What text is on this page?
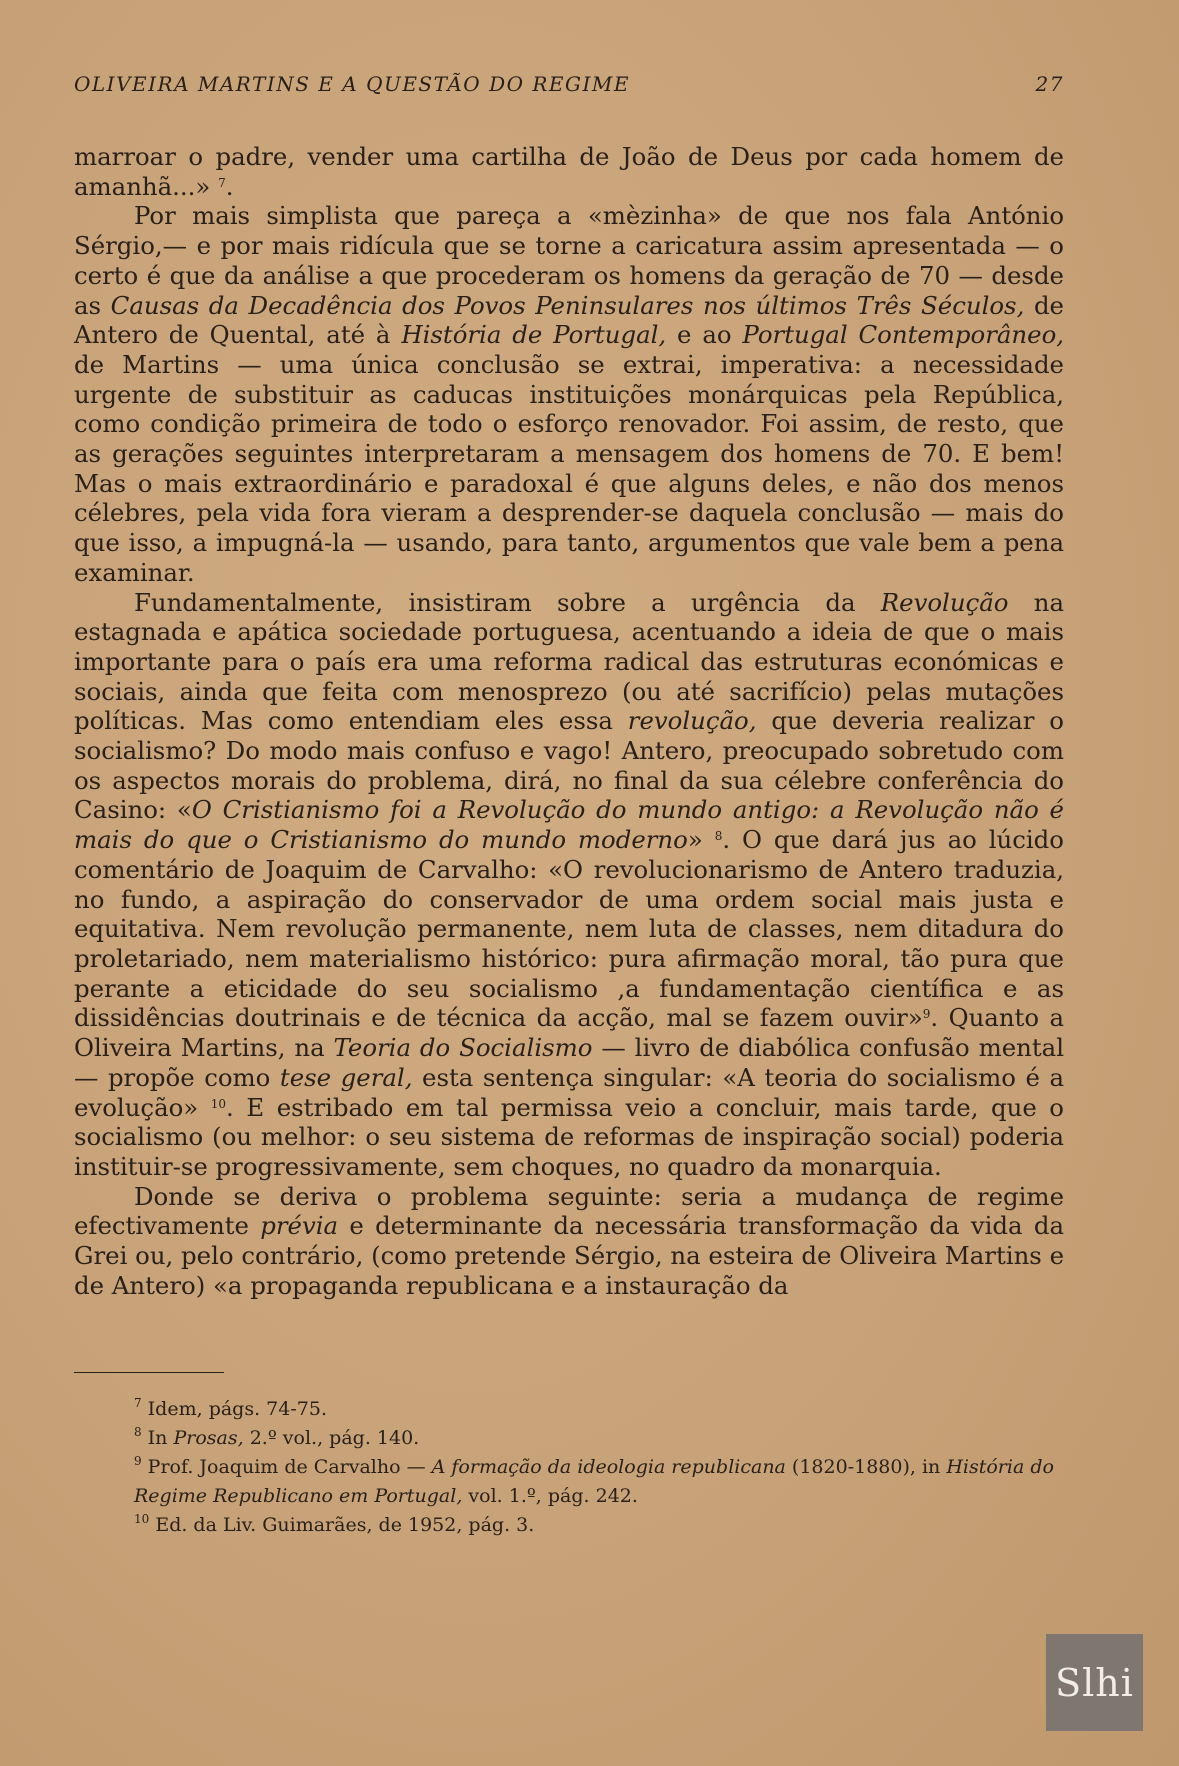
OLIVEIRA MARTINS E A QUESTÃO DO REGIME	27

marroar o padre, vender uma cartilha de João de Deus por cada homem de amanhã...» $^7$.

Por mais simplista que pareça a «mèzinha» de que nos fala António Sérgio,— e por mais ridícula que se torne a caricatura assim apresentada — o certo é que da análise a que procederam os homens da geração de 70 — desde as Causas da Decadência dos Povos Peninsulares nos últimos Três Séculos, de Antero de Quental, até à História de Portugal, e ao Portugal Contemporâneo, de Martins — uma única conclusão se extrai, imperativa: a necessidade urgente de substituir as caducas instituições monárquicas pela República, como condição primeira de todo o esforço renovador. Foi assim, de resto, que as gerações seguintes interpretaram a mensagem dos homens de 70. E bem! Mas o mais extraordinário e paradoxal é que alguns deles, e não dos menos célebres, pela vida fora vieram a desprender-se daquela conclusão — mais do que isso, a impugná-la — usando, para tanto, argumentos que vale bem a pena examinar.

Fundamentalmente, insistiram sobre a urgência da Revolução na estagnada e apática sociedade portuguesa, acentuando a ideia de que o mais importante para o país era uma reforma radical das estruturas económicas e sociais, ainda que feita com menosprezo (ou até sacrifício) pelas mutações políticas. Mas como entendiam eles essa revolução, que deveria realizar o socialismo? Do modo mais confuso e vago! Antero, preocupado sobretudo com os aspectos morais do problema, dirá, no final da sua célebre conferência do Casino: «O Cristianismo foi a Revolução do mundo antigo: a Revolução não é mais do que o Cristianismo do mundo moderno» $^8$. O que dará jus ao lúcido comentário de Joaquim de Carvalho: «O revolucionarismo de Antero traduzia, no fundo, a aspiração do conservador de uma ordem social mais justa e equitativa. Nem revolução permanente, nem luta de classes, nem ditadura do proletariado, nem materialismo histórico: pura afirmação moral, tão pura que perante a eticidade do seu socialismo ,a fundamentação científica e as dissidências doutrinais e de técnica da acção, mal se fazem ouvir»$^9$. Quanto a Oliveira Martins, na Teoria do Socialismo — livro de diabólica confusão mental — propõe como tese geral, esta sentença singular: «A teoria do socialismo é a evolução» $^{10}$. E estribado em tal permissa veio a concluir, mais tarde, que o socialismo (ou melhor: o seu sistema de reformas de inspiração social) poderia instituir-se progressivamente, sem choques, no quadro da monarquia.

Donde se deriva o problema seguinte: seria a mudança de regime efectivamente prévia e determinante da necessária transformação da vida da Grei ou, pelo contrário, (como pretende Sérgio, na esteira de Oliveira Martins e de Antero) «a propaganda republicana e a instauração da

$^7$ Idem, págs. 74-75.

$^8$ In Prosas, 2.º vol., pág. 140.

$^9$ Prof. Joaquim de Carvalho — A formação da ideologia republicana (1820-1880), in História do Regime Republicano em Portugal, vol. 1.º, pág. 242.

$^{10}$ Ed. da Liv. Guimarães, de 1952, pág. 3.

Slhi
